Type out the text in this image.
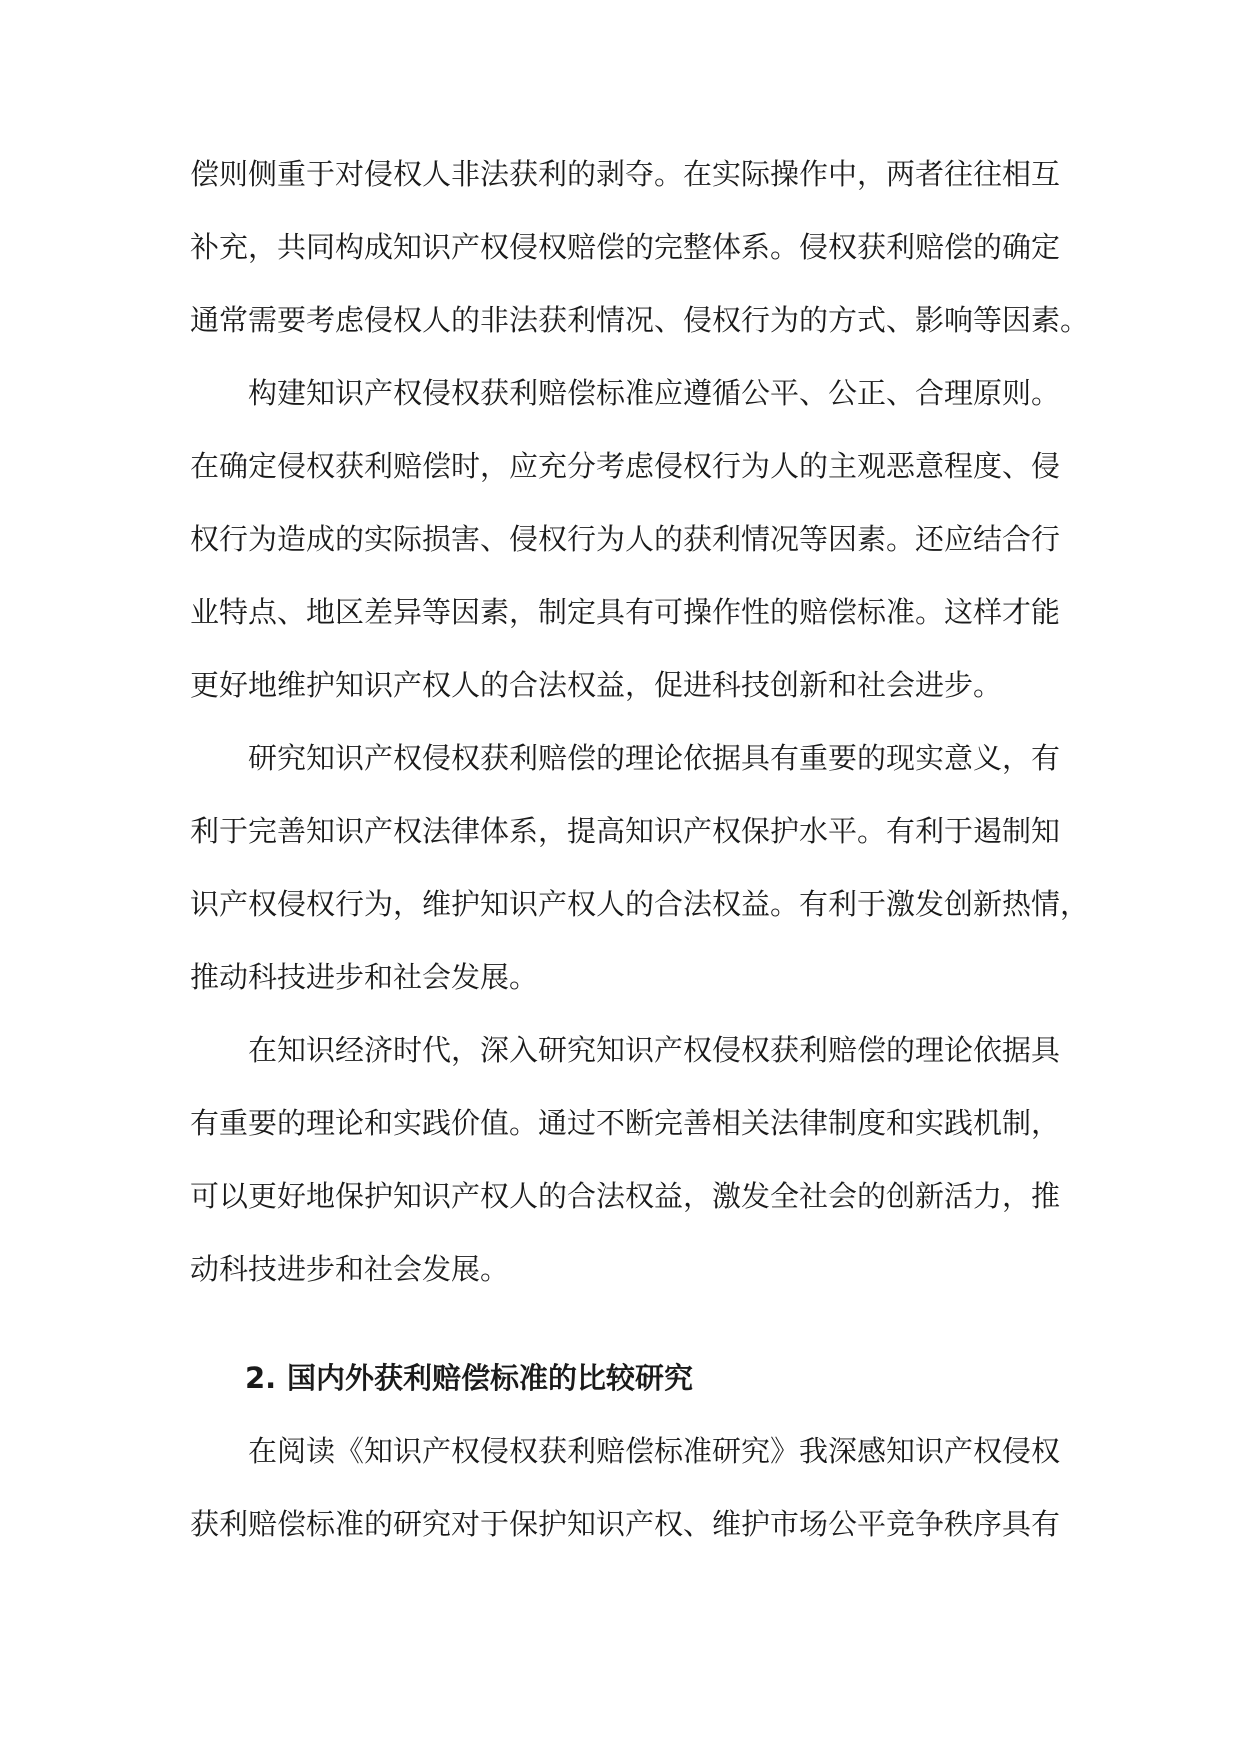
偿则侧重于对侵权人非法获利的剥夺。在实际操作中，两者往往相互
补充，共同构成知识产权侵权赔偿的完整体系。侵权获利赔偿的确定
通常需要考虑侵权人的非法获利情况、侵权行为的方式、影响等因素。
构建知识产权侵权获利赔偿标准应遵循公平、公正、合理原则。
在确定侵权获利赔偿时，应充分考虑侵权行为人的主观恶意程度、侵
权行为造成的实际损害、侵权行为人的获利情况等因素。还应结合行
业特点、地区差异等因素，制定具有可操作性的赔偿标准。这样才能
更好地维护知识产权人的合法权益，促进科技创新和社会进步。
研究知识产权侵权获利赔偿的理论依据具有重要的现实意义，有
利于完善知识产权法律体系，提高知识产权保护水平。有利于遏制知
识产权侵权行为，维护知识产权人的合法权益。有利于激发创新热情，
推动科技进步和社会发展。
在知识经济时代，深入研究知识产权侵权获利赔偿的理论依据具
有重要的理论和实践价值。通过不断完善相关法律制度和实践机制，
可以更好地保护知识产权人的合法权益，激发全社会的创新活力，推
动科技进步和社会发展。
2. 国内外获利赔偿标准的比较研究
在阅读《知识产权侵权获利赔偿标准研究》我深感知识产权侵权
获利赔偿标准的研究对于保护知识产权、维护市场公平竞争秩序具有
